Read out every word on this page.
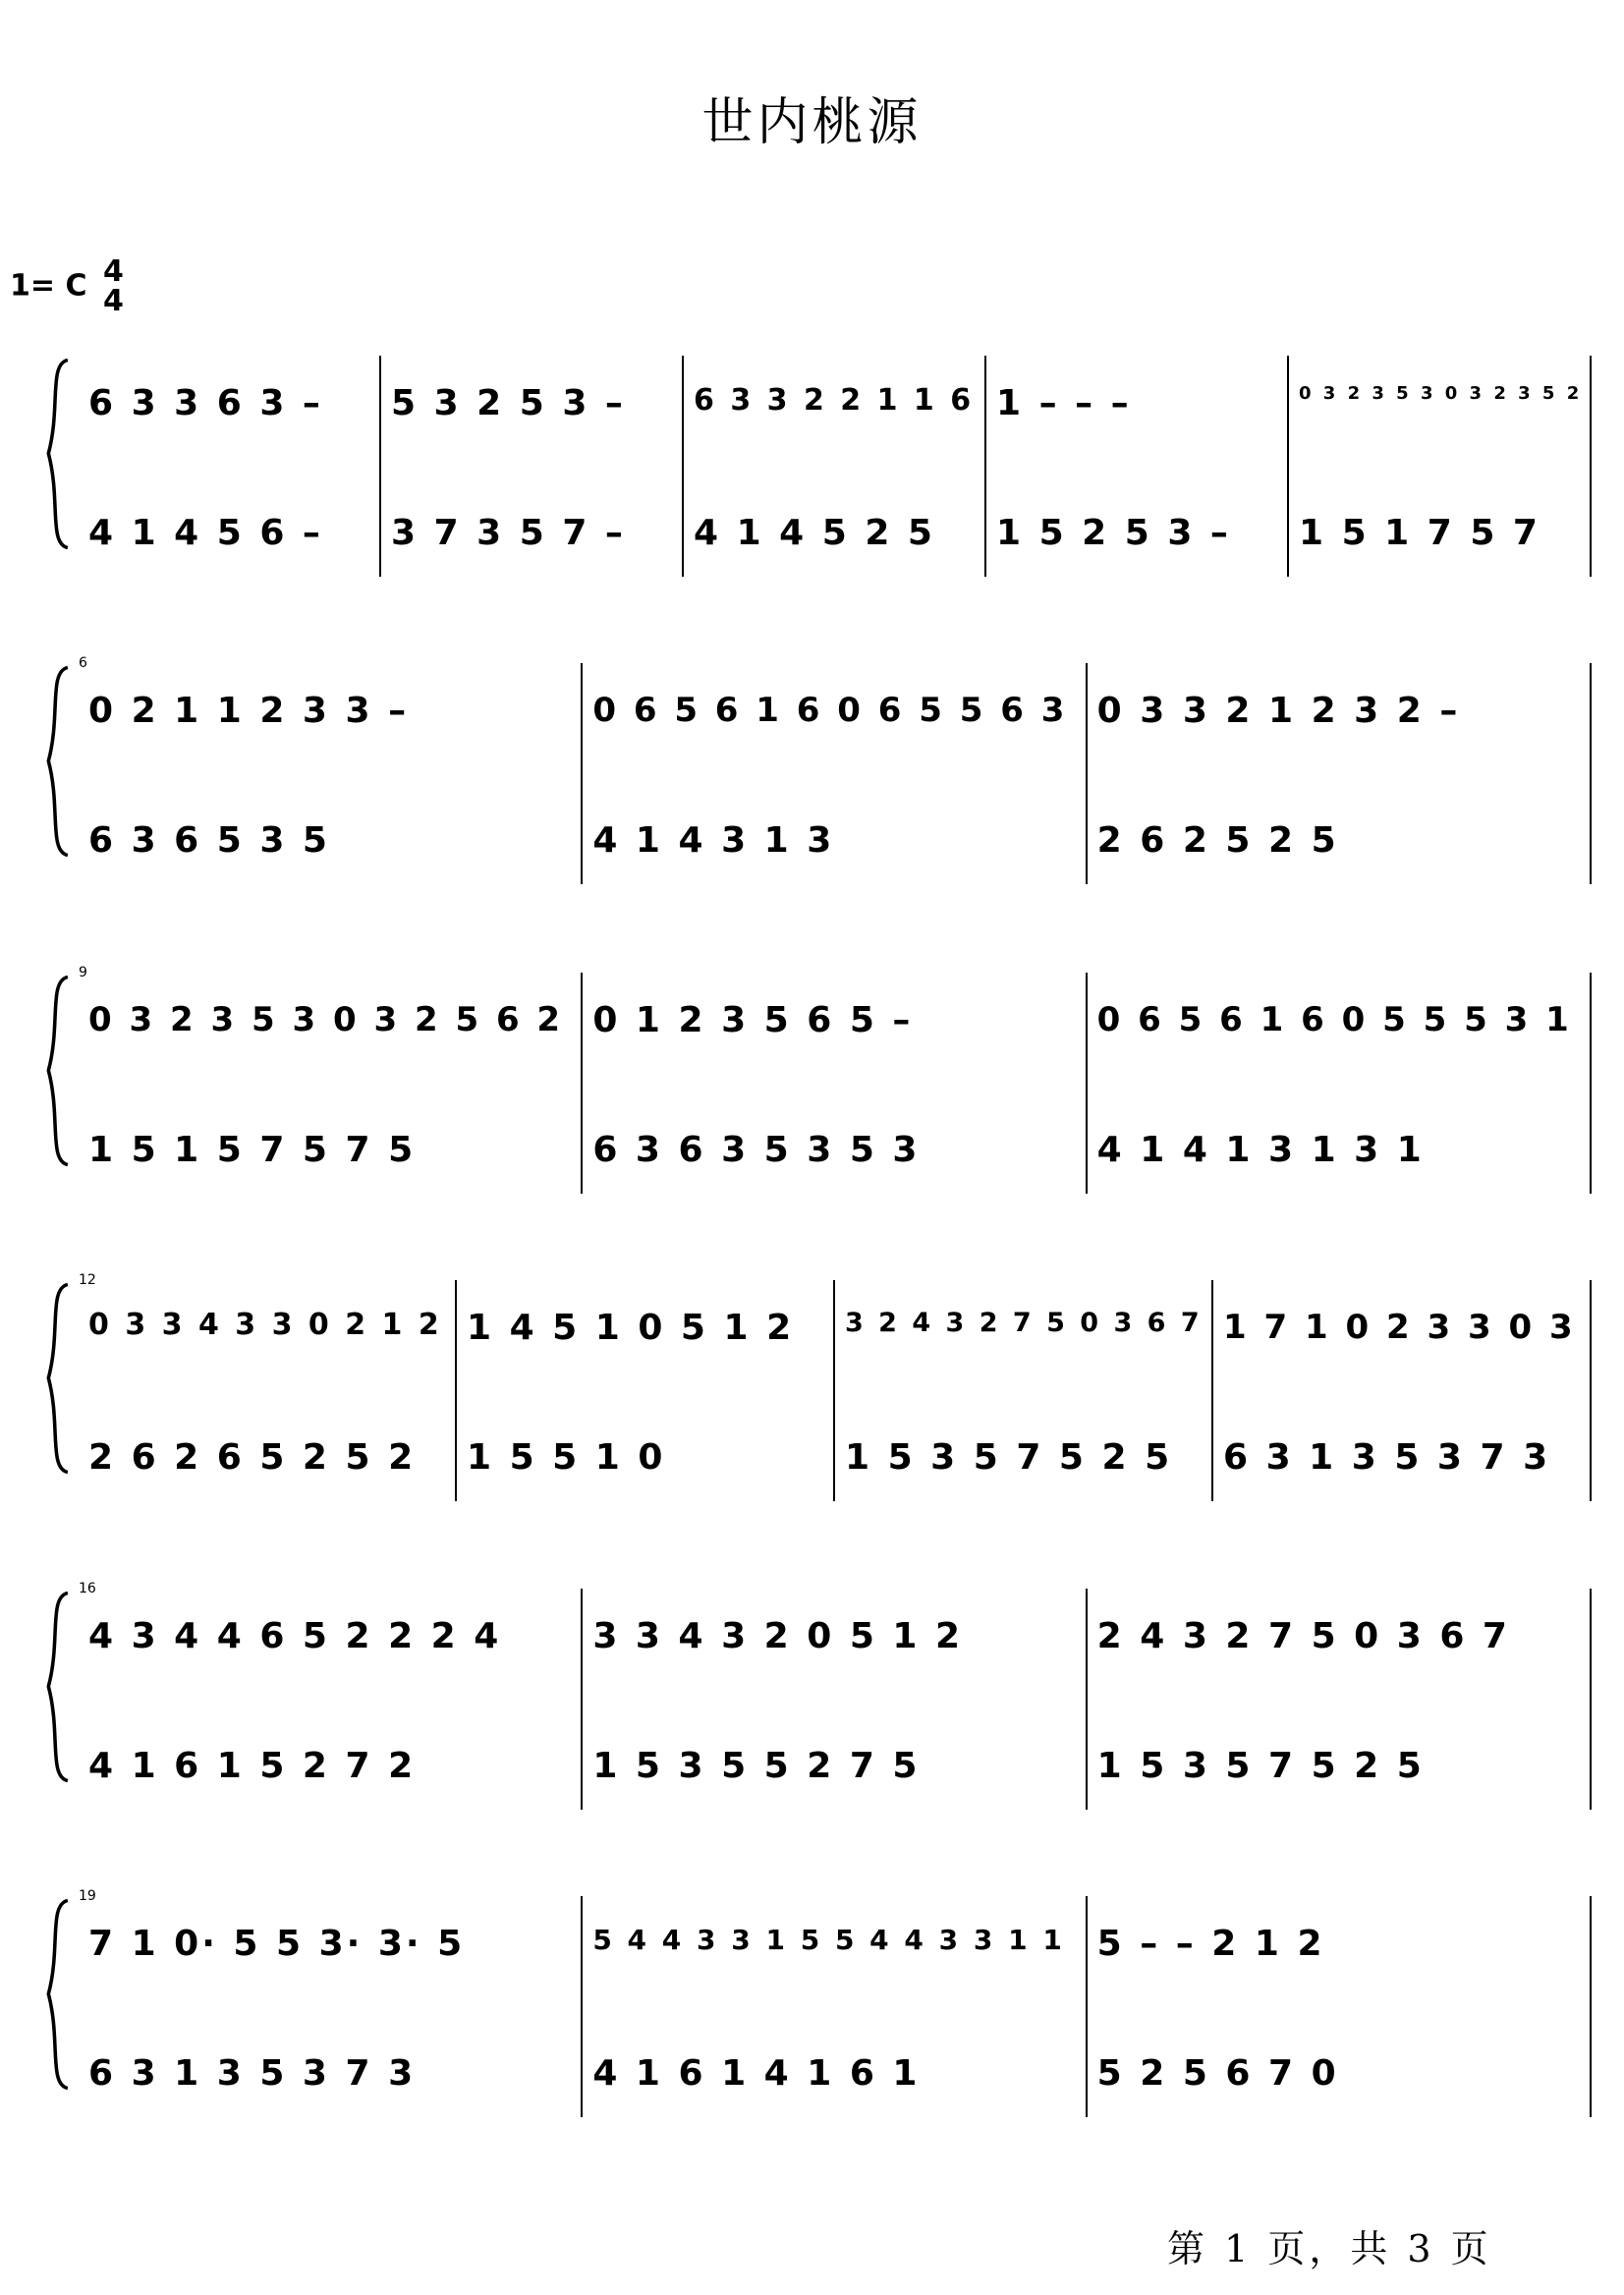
世内桃源
1= C 4
4
6 3 3 6 3 –
4 1 4 5 6 –
5 3 2 5 3 –
3 7 3 5 7 –
6 3 3 2 2 1 1 6
4 1 4 5 2 5
1 – – –
1 5 2 5 3 –
0 3 2 3 5 3 0 3 2 3 5 2
1 5 1 7 5 7
6
0 2 1 1 2 3 3 –
6 3 6 5 3 5
0 6 5 6 1 6 0 6 5 5 6 3
4 1 4 3 1 3
0 3 3 2 1 2 3 2 –
2 6 2 5 2 5
9
0 3 2 3 5 3 0 3 2 5 6 2
1 5 1 5 7 5 7 5
0 1 2 3 5 6 5 –
6 3 6 3 5 3 5 3
0 6 5 6 1 6 0 5 5 5 3 1
4 1 4 1 3 1 3 1
12
0 3 3 4 3 3 0 2 1 2
2 6 2 6 5 2 5 2
1 4 5 1 0 5 1 2
1 5 5 1 0
3 2 4 3 2 7 5 0 3 6 7
1 5 3 5 7 5 2 5
1 7 1 0 2 3 3 0 3
6 3 1 3 5 3 7 3
16
4 3 4 4 6 5 2 2 2 4
4 1 6 1 5 2 7 2
3 3 4 3 2 0 5 1 2
1 5 3 5 5 2 7 5
2 4 3 2 7 5 0 3 6 7
1 5 3 5 7 5 2 5
19
7 1 0· 5 5 3· 3· 5
6 3 1 3 5 3 7 3
5 4 4 3 3 1 5 5 4 4 3 3 1 1
4 1 6 1 4 1 6 1
5 – – 2 1 2
5 2 5 6 7 0
第 1 页，共 3 页
